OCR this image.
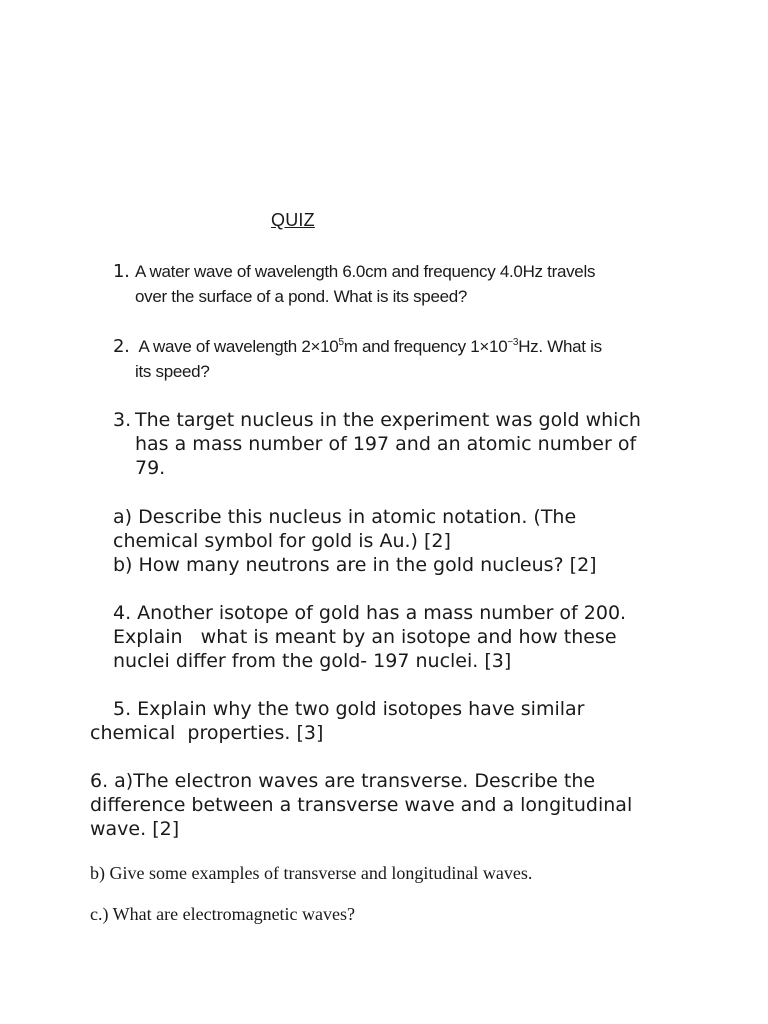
QUIZ
1. A water wave of wavelength 6.0cm and frequency 4.0Hz travels
over the surface of a pond. What is its speed?
2. A wave of wavelength $2\times 10^5m$ and frequency $1\times 10^{-3}Hz$. What is
its speed?
3. The target nucleus in the experiment was gold which
has a mass number of 197 and an atomic number of
79.
a) Describe this nucleus in atomic notation. (The
chemical symbol for gold is Au.) [2]
b) How many neutrons are in the gold nucleus? [2]
4. Another isotope of gold has a mass number of 200.
Explain   what is meant by an isotope and how these
nuclei differ from the gold- 197 nuclei. [3]
5. Explain why the two gold isotopes have similar
chemical  properties. [3]
6. a)The electron waves are transverse. Describe the
difference between a transverse wave and a longitudinal
wave. [2]
b) Give some examples of transverse and longitudinal waves.
c.) What are electromagnetic waves?
